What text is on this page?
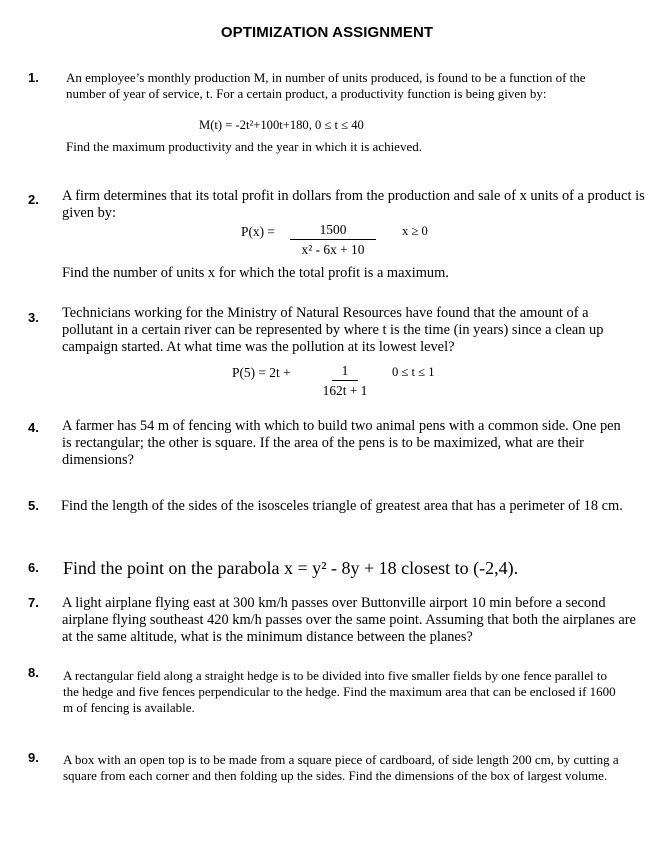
OPTIMIZATION ASSIGNMENT
1. An employee’s monthly production M, in number of units produced, is found to be a function of the number of year of service, t. For a certain product, a productivity function is being given by:
M(t) = -2t²+100t+180, 0 ≤ t ≤ 40
Find the maximum productivity and the year in which it is achieved.
2. A firm determines that its total profit in dollars from the production and sale of x units of a product is given by:
$P(x) = \frac{1500}{\text{x² - 6x + 10}}$ x ≥ 0
Find the number of units x for which the total profit is a maximum.
3. Technicians working for the Ministry of Natural Resources have found that the amount of a pollutant in a certain river can be represented by where t is the time (in years) since a clean up campaign started. At what time was the pollution at its lowest level?
$P(5) = 2t + \frac{1}{162t + 1} 0 \le t \le 1$
4. A farmer has 54 m of fencing with which to build two animal pens with a common side. One pen is rectangular; the other is square. If the area of the pens is to be maximized, what are their dimensions?
5. Find the length of the sides of the isosceles triangle of greatest area that has a perimeter of 18 cm.
6. Find the point on the parabola x = y² - 8y + 18 closest to (-2,4).
7. A light airplane flying east at 300 km/h passes over Buttonville airport 10 min before a second airplane flying southeast 420 km/h passes over the same point. Assuming that both the airplanes are at the same altitude, what is the minimum distance between the planes?
8. A rectangular field along a straight hedge is to be divided into five smaller fields by one fence parallel to the hedge and five fences perpendicular to the hedge. Find the maximum area that can be enclosed if 1600 m of fencing is available.
9. A box with an open top is to be made from a square piece of cardboard, of side length 200 cm, by cutting a square from each corner and then folding up the sides. Find the dimensions of the box of largest volume.
